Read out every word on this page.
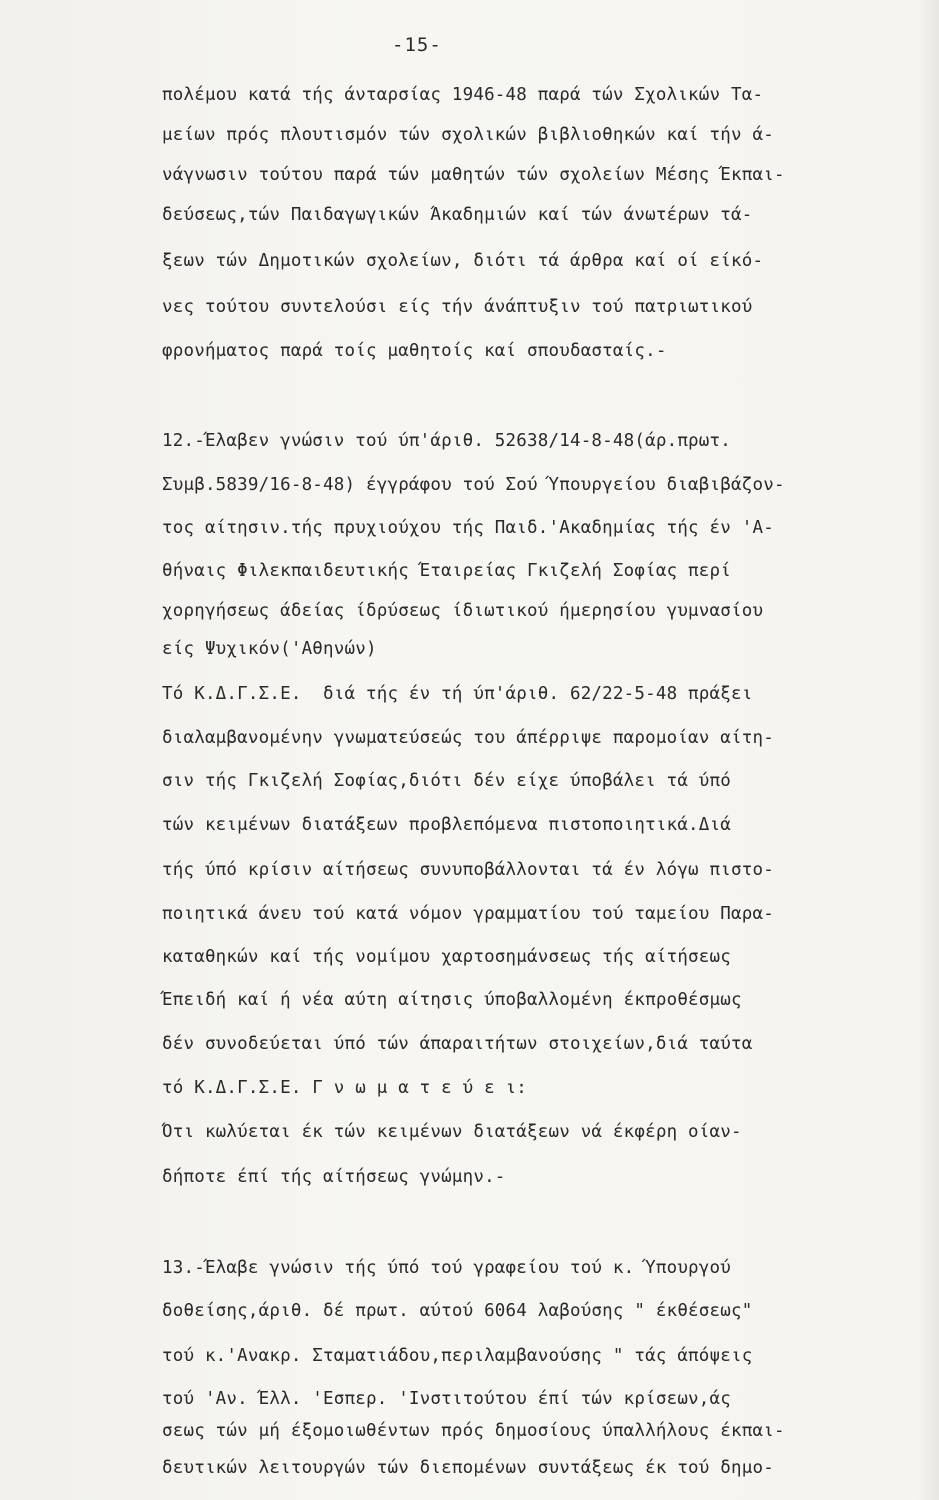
-15-
πολέμου κατά τής άνταρσίας 1946-48 παρά τών Σχολικών Τα-
μείων πρός πλουτισμόν τών σχολικών βιβλιοθηκών καί τήν ά-
νάγνωσιν τούτου παρά τών μαθητών τών σχολείων Μέσης Έκπαι-
δεύσεως,τών Παιδαγωγικών Άκαδημιών καί τών άνωτέρων τά-
ξεων τών Δημοτικών σχολείων, διότι τά άρθρα καί οί είκό-
νες τούτου συντελούσι είς τήν άνάπτυξιν τού πατριωτικού
φρονήματος παρά τοίς μαθητοίς καί σπουδασταίς.-
12.-Έλαβεν γνώσιν τού ύπ'άριθ. 52638/14-8-48(άρ.πρωτ.
Συμβ.5839/16-8-48) έγγράφου τού Σού Ύπουργείου διαβιβάζον-
τος αίτησιν.τής πρυχιούχου τής Παιδ.'Ακαδημίας τής έν 'Α-
θήναις Φιλεκπαιδευτικής Έταιρείας Γκιζελή Σοφίας περί
χορηγήσεως άδείας ίδρύσεως ίδιωτικού ήμερησίου γυμνασίου
είς Ψυχικόν('Αθηνών)
Τό Κ.Δ.Γ.Σ.Ε.  διά τής έν τή ύπ'άριθ. 62/22-5-48 πράξει
διαλαμβανομένην γνωματεύσεώς του άπέρριψε παρομοίαν αίτη-
σιν τής Γκιζελή Σοφίας,διότι δέν είχε ύποβάλει τά ύπό
τών κειμένων διατάξεων προβλεπόμενα πιστοποιητικά.Διά
τής ύπό κρίσιν αίτήσεως συνυποβάλλονται τά έν λόγω πιστο-
ποιητικά άνευ τού κατά νόμον γραμματίου τού ταμείου Παρα-
καταθηκών καί τής νομίμου χαρτοσημάνσεως τής αίτήσεως
Έπειδή καί ή νέα αύτη αίτησις ύποβαλλομένη έκπροθέσμως
δέν συνοδεύεται ύπό τών άπαραιτήτων στοιχείων,διά ταύτα
τό Κ.Δ.Γ.Σ.Ε. Γ ν ω μ α τ ε ύ ε ι:
Ότι κωλύεται έκ τών κειμένων διατάξεων νά έκφέρη οίαν-
δήποτε έπί τής αίτήσεως γνώμην.-
13.-Έλαβε γνώσιν τής ύπό τού γραφείου τού κ. Ύπουργού
δοθείσης,άριθ. δέ πρωτ. αύτού 6064 λαβούσης " έκθέσεως"
τού κ.'Ανακρ. Σταματιάδου,περιλαμβανούσης " τάς άπόψεις
τού 'Αν. Έλλ. 'Εσπερ. 'Ινστιτούτου έπί τών κρίσεων,άς
σεως τών μή έξομοιωθέντων πρός δημοσίους ύπαλλήλους έκπαι-
δευτικών λειτουργών τών διεπομένων συντάξεως έκ τού δημο-
